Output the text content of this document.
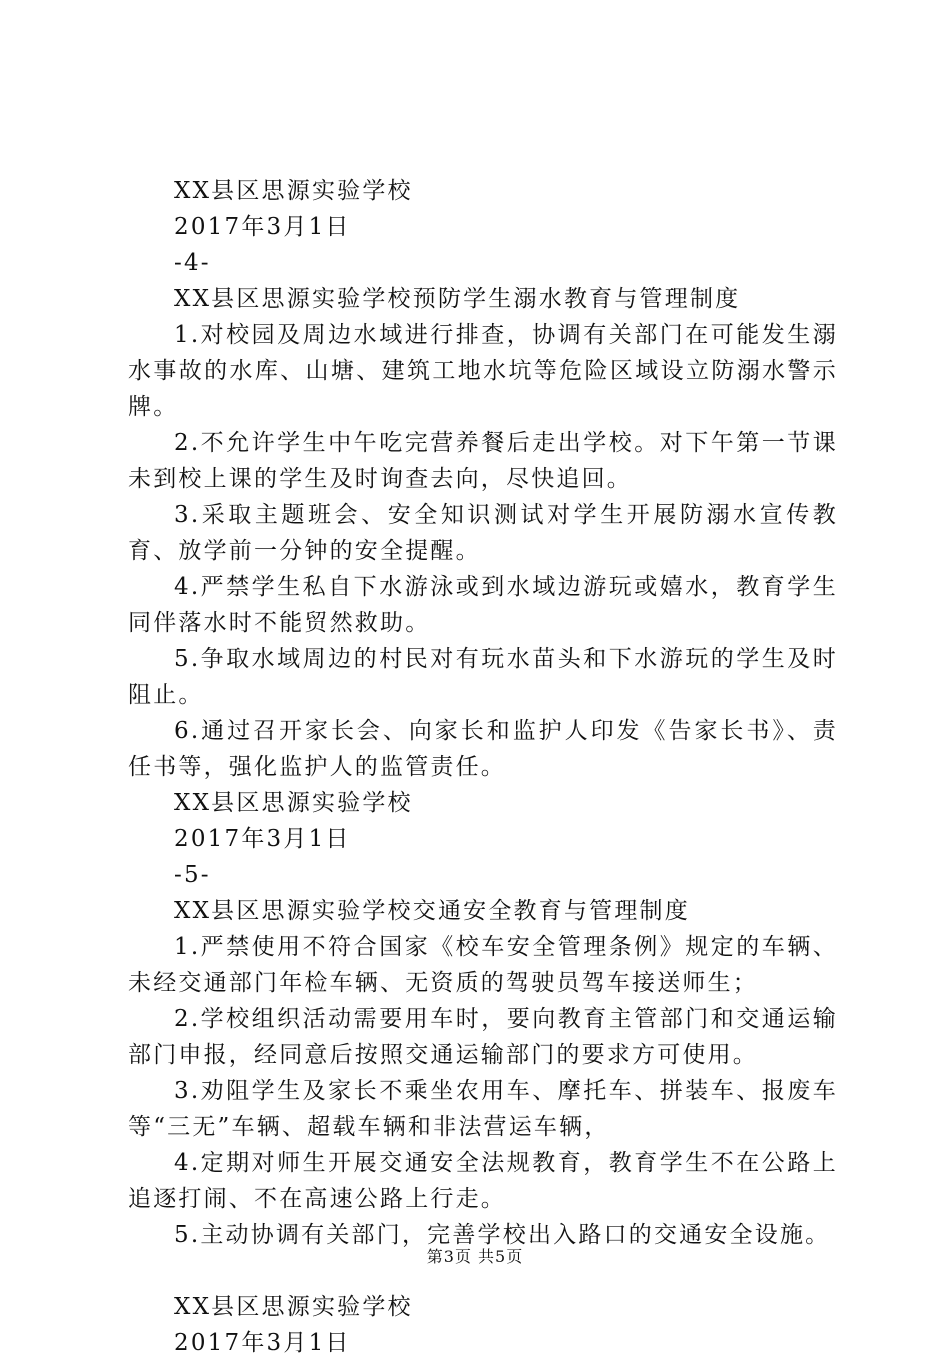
XX县区思源实验学校
2017年3月1日
-4-
XX县区思源实验学校预防学生溺水教育与管理制度
1.对校园及周边水域进行排查，协调有关部门在可能发生溺水事故的水库、山塘、建筑工地水坑等危险区域设立防溺水警示牌。
2.不允许学生中午吃完营养餐后走出学校。对下午第一节课未到校上课的学生及时询查去向，尽快追回。
3.采取主题班会、安全知识测试对学生开展防溺水宣传教育、放学前一分钟的安全提醒。
4.严禁学生私自下水游泳或到水域边游玩或嬉水，教育学生同伴落水时不能贸然救助。
5.争取水域周边的村民对有玩水苗头和下水游玩的学生及时阻止。
6.通过召开家长会、向家长和监护人印发《告家长书》、责任书等，强化监护人的监管责任。
XX县区思源实验学校
2017年3月1日
-5-
XX县区思源实验学校交通安全教育与管理制度
1.严禁使用不符合国家《校车安全管理条例》规定的车辆、未经交通部门年检车辆、无资质的驾驶员驾车接送师生；
2.学校组织活动需要用车时，要向教育主管部门和交通运输部门申报，经同意后按照交通运输部门的要求方可使用。
3.劝阻学生及家长不乘坐农用车、摩托车、拼装车、报废车等“三无”车辆、超载车辆和非法营运车辆，
4.定期对师生开展交通安全法规教育，教育学生不在公路上追逐打闹、不在高速公路上行走。
5.主动协调有关部门，完善学校出入路口的交通安全设施。
XX县区思源实验学校
2017年3月1日
第3页 共5页
